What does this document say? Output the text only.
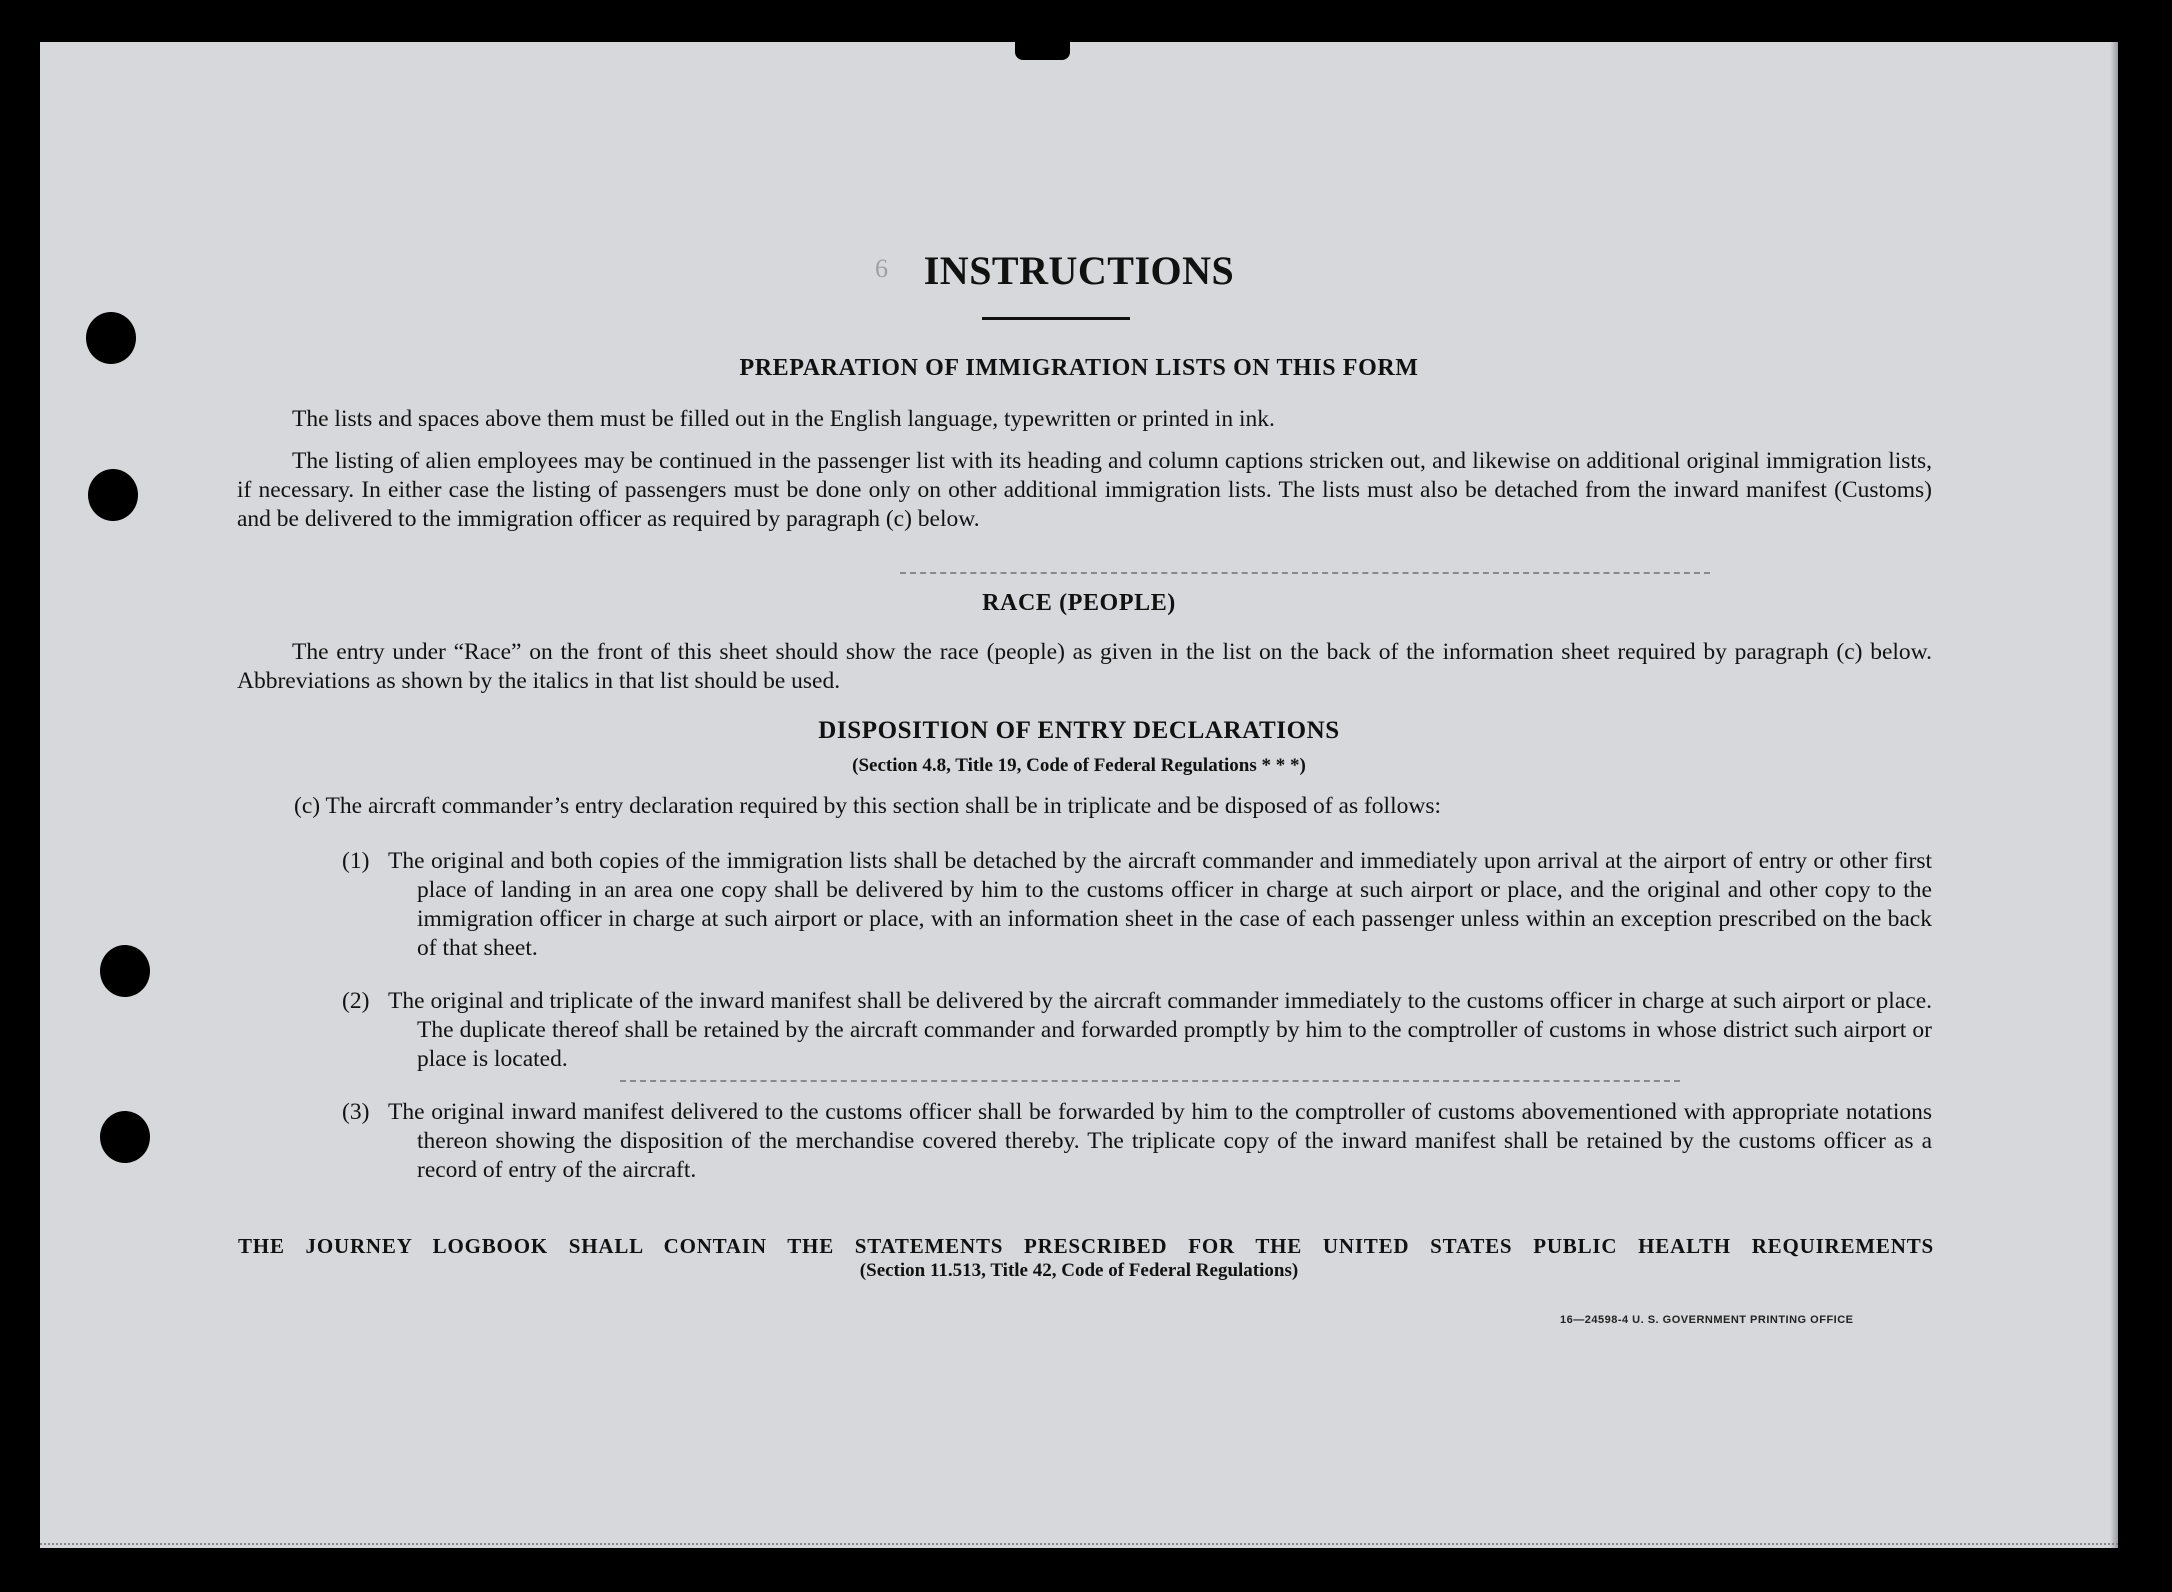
6 INSTRUCTIONS
PREPARATION OF IMMIGRATION LISTS ON THIS FORM
The lists and spaces above them must be filled out in the English language, typewritten or printed in ink.
The listing of alien employees may be continued in the passenger list with its heading and column captions stricken out, and likewise on additional original immigration lists, if necessary. In either case the listing of passengers must be done only on other additional immigration lists. The lists must also be detached from the inward manifest (Customs) and be delivered to the immigration officer as required by paragraph (c) below.
RACE (PEOPLE)
The entry under “Race” on the front of this sheet should show the race (people) as given in the list on the back of the information sheet required by paragraph (c) below. Abbreviations as shown by the italics in that list should be used.
DISPOSITION OF ENTRY DECLARATIONS
(Section 4.8, Title 19, Code of Federal Regulations * * *)
(c) The aircraft commander’s entry declaration required by this section shall be in triplicate and be disposed of as follows:
(1) The original and both copies of the immigration lists shall be detached by the aircraft commander and immediately upon arrival at the airport of entry or other first place of landing in an area one copy shall be delivered by him to the customs officer in charge at such airport or place, and the original and other copy to the immigration officer in charge at such airport or place, with an information sheet in the case of each passenger unless within an exception prescribed on the back of that sheet.
(2) The original and triplicate of the inward manifest shall be delivered by the aircraft commander immediately to the customs officer in charge at such airport or place. The duplicate thereof shall be retained by the aircraft commander and forwarded promptly by him to the comptroller of customs in whose district such airport or place is located.
(3) The original inward manifest delivered to the customs officer shall be forwarded by him to the comptroller of customs abovementioned with appropriate notations thereon showing the disposition of the merchandise covered thereby. The triplicate copy of the inward manifest shall be retained by the customs officer as a record of entry of the aircraft.
THE JOURNEY LOGBOOK SHALL CONTAIN THE STATEMENTS PRESCRIBED FOR THE UNITED STATES PUBLIC HEALTH REQUIREMENTS
(Section 11.513, Title 42, Code of Federal Regulations)
16—24598-4 U. S. GOVERNMENT PRINTING OFFICE
